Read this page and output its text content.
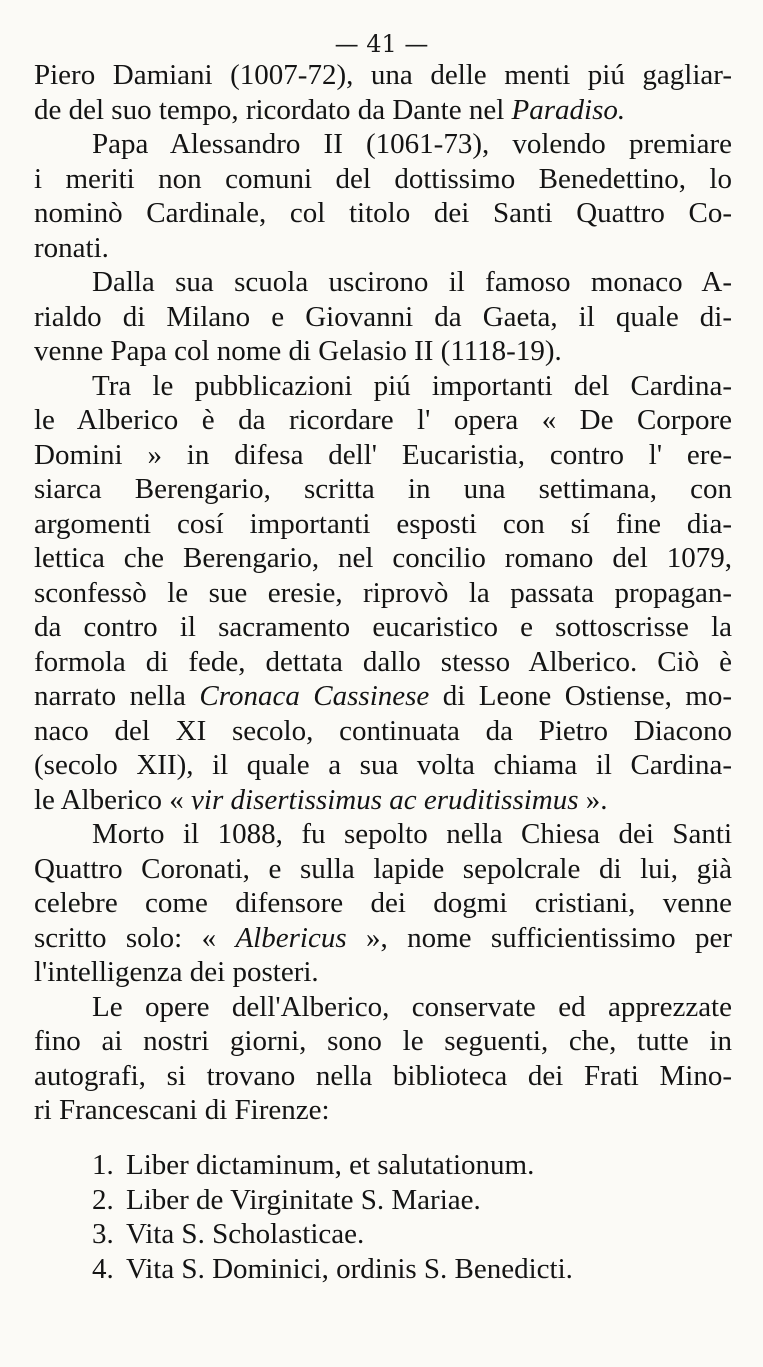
— 41 —
Piero Damiani (1007-72), una delle menti piú gagliar-
de del suo tempo, ricordato da Dante nel Paradiso.
Papa Alessandro II (1061-73), volendo premiare
i meriti non comuni del dottissimo Benedettino, lo
nominò Cardinale, col titolo dei Santi Quattro Co-
ronati.
Dalla sua scuola uscirono il famoso monaco A-
rialdo di Milano e Giovanni da Gaeta, il quale di-
venne Papa col nome di Gelasio II (1118-19).
Tra le pubblicazioni piú importanti del Cardina-
le Alberico è da ricordare l' opera « De Corpore
Domini » in difesa dell' Eucaristia, contro l' ere-
siarca Berengario, scritta in una settimana, con
argomenti cosí importanti esposti con sí fine dia-
lettica che Berengario, nel concilio romano del 1079,
sconfessò le sue eresie, riprovò la passata propagan-
da contro il sacramento eucaristico e sottoscrisse la
formola di fede, dettata dallo stesso Alberico. Ciò è
narrato nella Cronaca Cassinese di Leone Ostiense, mo-
naco del XI secolo, continuata da Pietro Diacono
(secolo XII), il quale a sua volta chiama il Cardina-
le Alberico « vir disertissimus ac eruditissimus ».
Morto il 1088, fu sepolto nella Chiesa dei Santi
Quattro Coronati, e sulla lapide sepolcrale di lui, già
celebre come difensore dei dogmi cristiani, venne
scritto solo: « Albericus », nome sufficientissimo per
l'intelligenza dei posteri.
Le opere dell'Alberico, conservate ed apprezzate
fino ai nostri giorni, sono le seguenti, che, tutte in
autografi, si trovano nella biblioteca dei Frati Mino-
ri Francescani di Firenze:
1. Liber dictaminum, et salutationum.
2. Liber de Virginitate S. Mariae.
3. Vita S. Scholasticae.
4. Vita S. Dominici, ordinis S. Benedicti.
